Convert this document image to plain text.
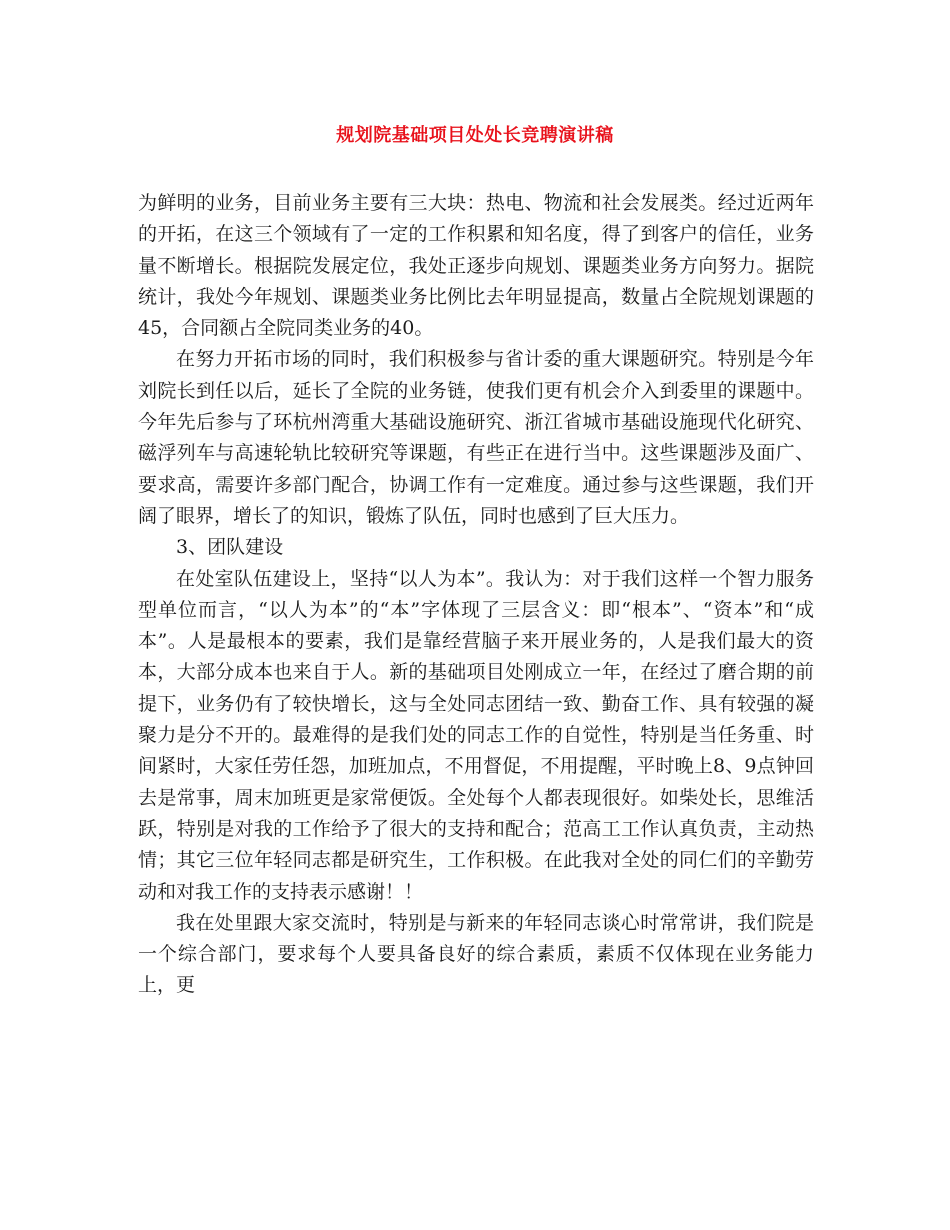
规划院基础项目处处长竞聘演讲稿

为鲜明的业务，目前业务主要有三大块：热电、物流和社会发展类。经过近两年的开拓，在这三个领域有了一定的工作积累和知名度，得了到客户的信任，业务量不断增长。根据院发展定位，我处正逐步向规划、课题类业务方向努力。据院统计，我处今年规划、课题类业务比例比去年明显提高，数量占全院规划课题的45，合同额占全院同类业务的40。

在努力开拓市场的同时，我们积极参与省计委的重大课题研究。特别是今年刘院长到任以后，延长了全院的业务链，使我们更有机会介入到委里的课题中。今年先后参与了环杭州湾重大基础设施研究、浙江省城市基础设施现代化研究、磁浮列车与高速轮轨比较研究等课题，有些正在进行当中。这些课题涉及面广、要求高，需要许多部门配合，协调工作有一定难度。通过参与这些课题，我们开阔了眼界，增长了的知识，锻炼了队伍，同时也感到了巨大压力。

3、团队建设

在处室队伍建设上，坚持“以人为本”。我认为：对于我们这样一个智力服务型单位而言，“以人为本”的“本”字体现了三层含义：即“根本”、“资本”和“成本”。人是最根本的要素，我们是靠经营脑子来开展业务的，人是我们最大的资本，大部分成本也来自于人。新的基础项目处刚成立一年，在经过了磨合期的前提下，业务仍有了较快增长，这与全处同志团结一致、勤奋工作、具有较强的凝聚力是分不开的。最难得的是我们处的同志工作的自觉性，特别是当任务重、时间紧时，大家任劳任怨，加班加点，不用督促，不用提醒，平时晚上8、9点钟回去是常事，周末加班更是家常便饭。全处每个人都表现很好。如柴处长，思维活跃，特别是对我的工作给予了很大的支持和配合；范高工工作认真负责，主动热情；其它三位年轻同志都是研究生，工作积极。在此我对全处的同仁们的辛勤劳动和对我工作的支持表示感谢！！

我在处里跟大家交流时，特别是与新来的年轻同志谈心时常常讲，我们院是一个综合部门，要求每个人要具备良好的综合素质，素质不仅体现在业务能力上，更
